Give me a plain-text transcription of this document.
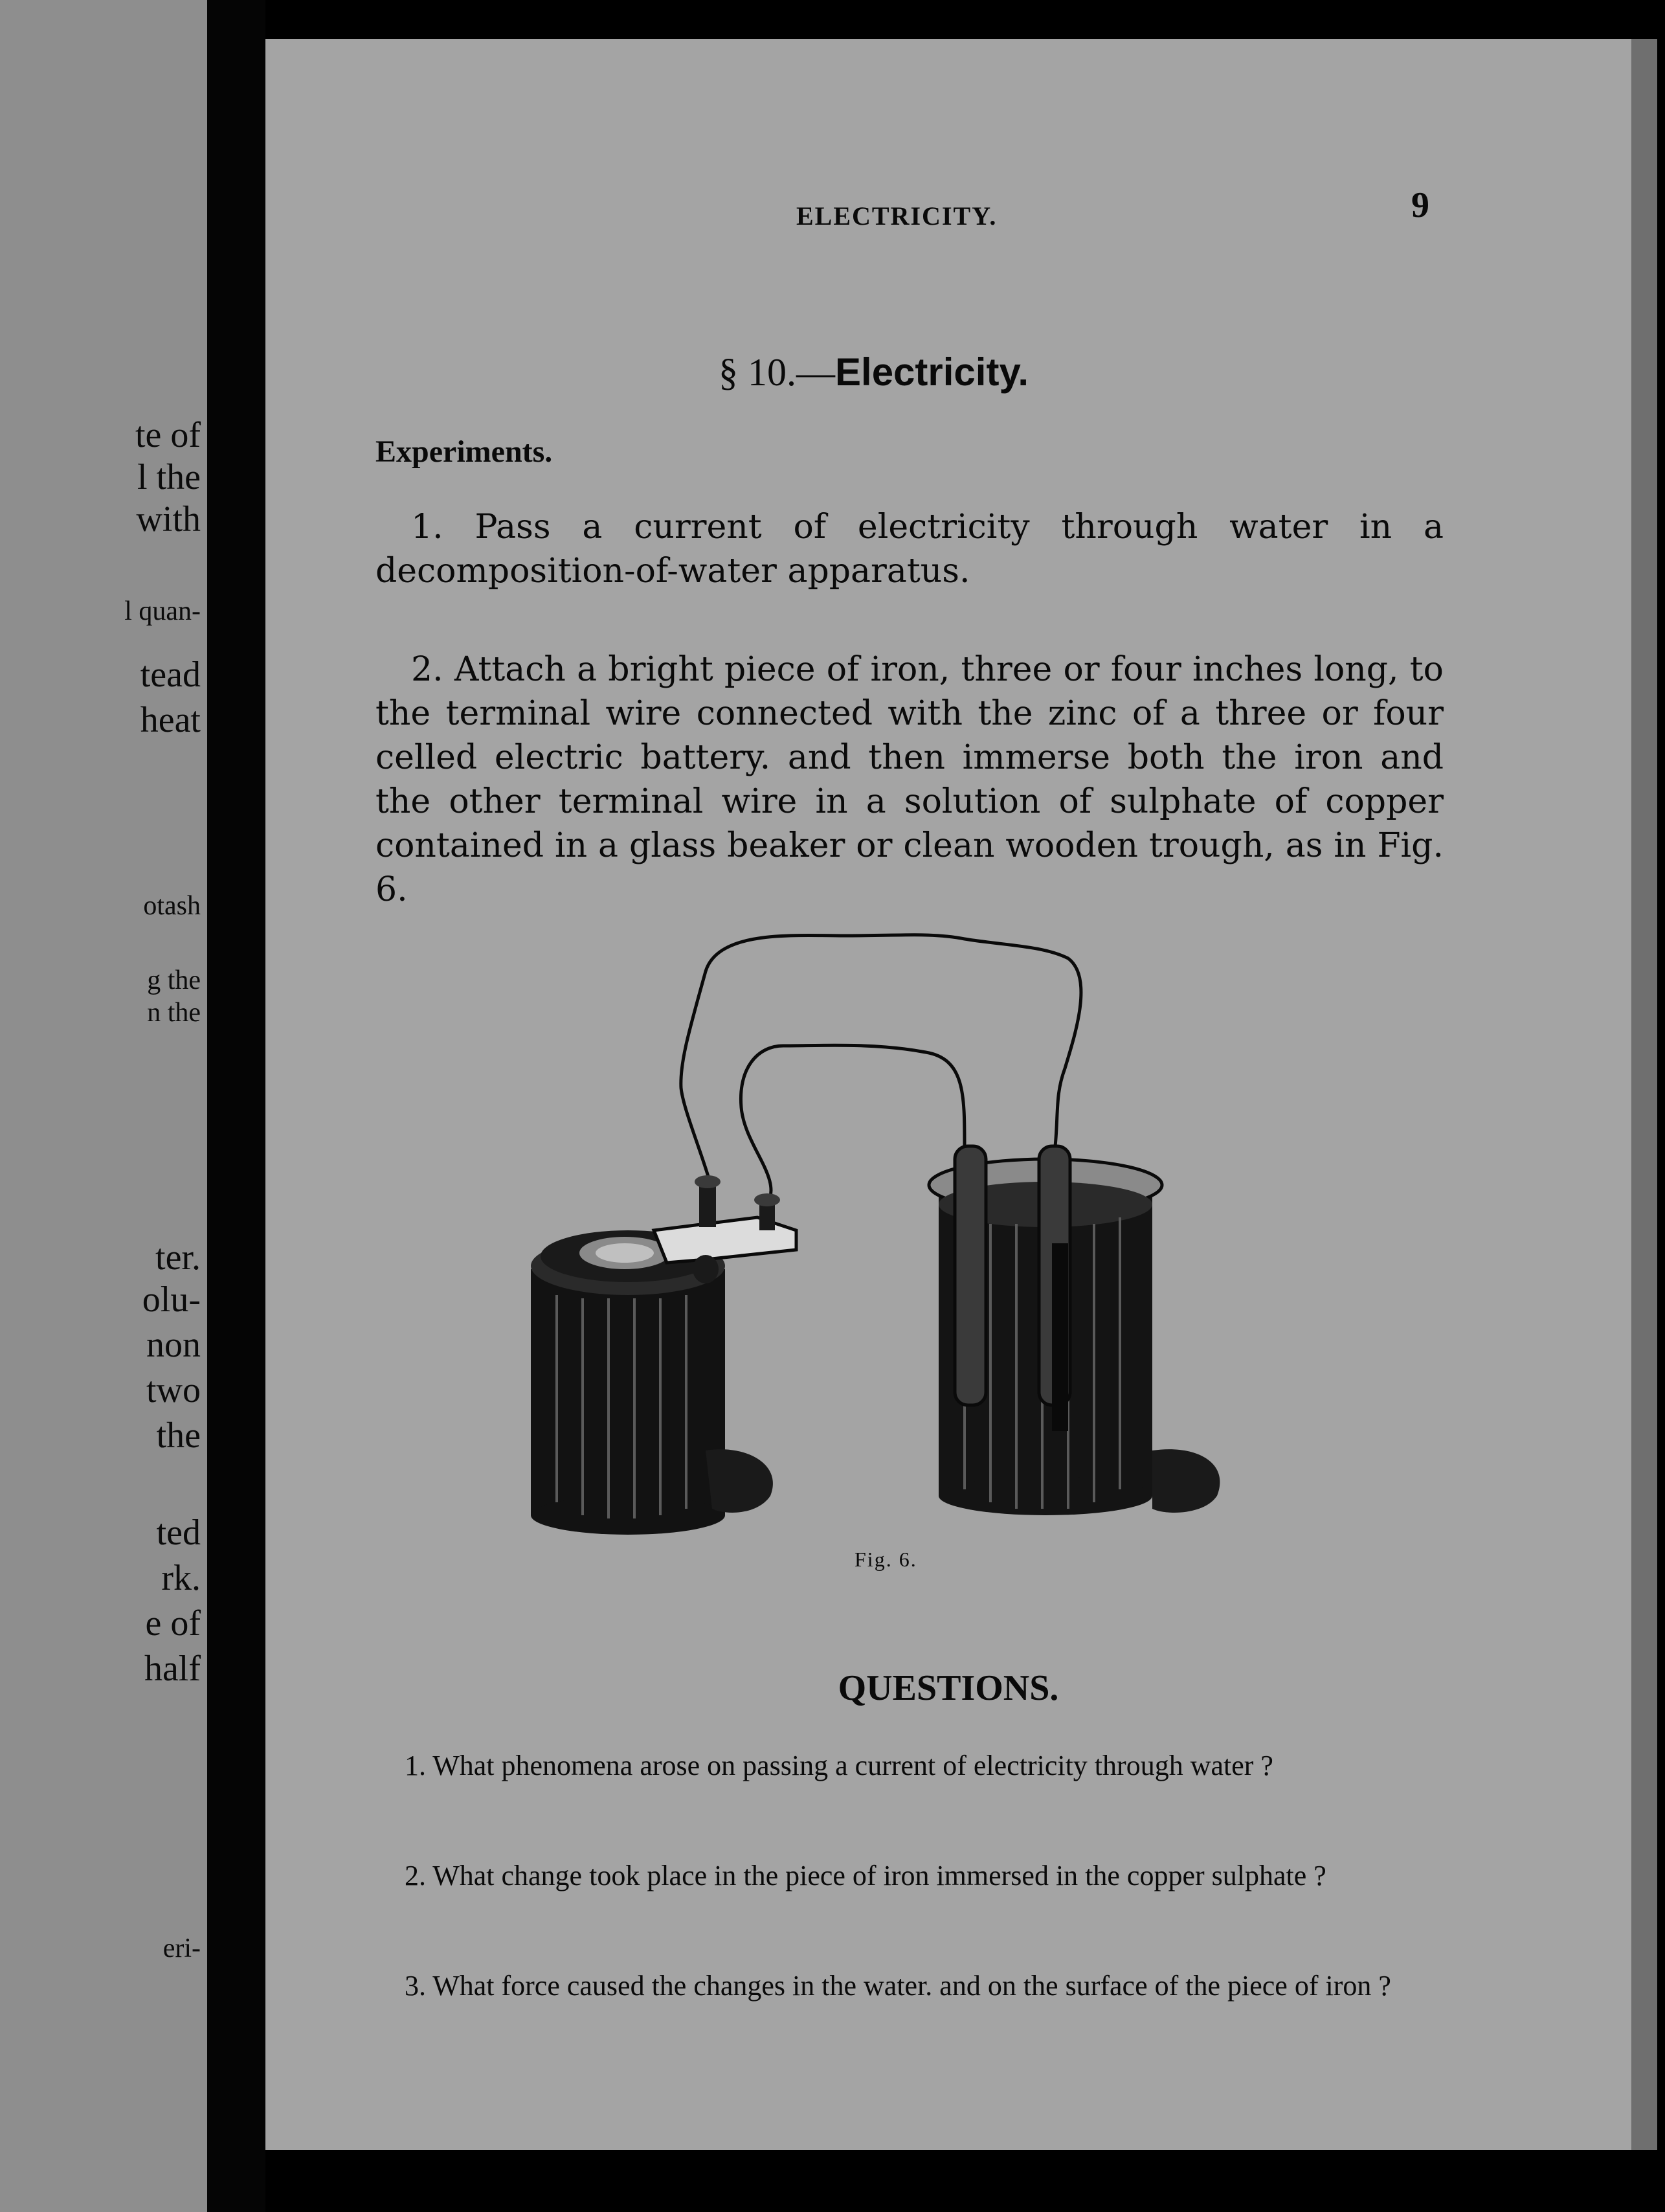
te of
l the
with
l quan-
tead
heat
otash
g the
n the
ter.
olu-
non
two
the
ted
rk.
e of
half
eri-
ELECTRICITY.	9
§ 10.—Electricity.
Experiments.
1. Pass a current of electricity through water in a decomposition-of-water apparatus.
2. Attach a bright piece of iron, three or four inches long, to the terminal wire connected with the zinc of a three or four celled electric battery. and then immerse both the iron and the other terminal wire in a solution of sulphate of copper contained in a glass beaker or clean wooden trough, as in Fig. 6.
Fig. 6.
QUESTIONS.
1. What phenomena arose on passing a current of electricity through water ?
2. What change took place in the piece of iron immersed in the copper sulphate ?
3. What force caused the changes in the water. and on the surface of the piece of iron ?
